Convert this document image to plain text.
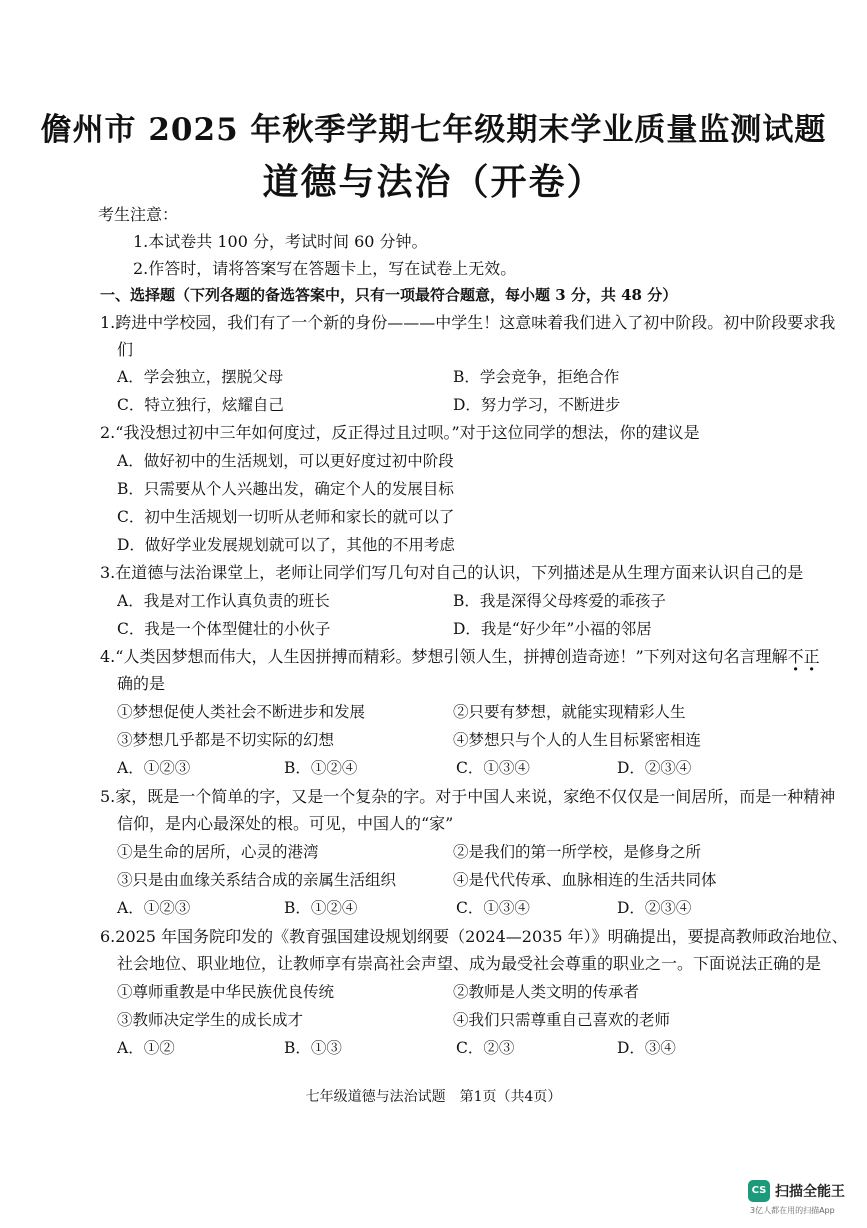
儋州市 2025 年秋季学期七年级期末学业质量监测试题
道德与法治（开卷）
考生注意：
1.本试卷共 100 分，考试时间 60 分钟。
2.作答时，请将答案写在答题卡上，写在试卷上无效。
一、选择题（下列各题的备选答案中，只有一项最符合题意，每小题 3 分，共 48 分）
1.跨进中学校园，我们有了一个新的身份———中学生！这意味着我们进入了初中阶段。初中阶段要求我
们
A．学会独立，摆脱父母	B．学会竞争，拒绝合作
C．特立独行，炫耀自己	D．努力学习，不断进步
2.“我没想过初中三年如何度过，反正得过且过呗。”对于这位同学的想法，你的建议是
A．做好初中的生活规划，可以更好度过初中阶段
B．只需要从个人兴趣出发，确定个人的发展目标
C．初中生活规划一切听从老师和家长的就可以了
D．做好学业发展规划就可以了，其他的不用考虑
3.在道德与法治课堂上，老师让同学们写几句对自己的认识，下列描述是从生理方面来认识自己的是
A．我是对工作认真负责的班长	B．我是深得父母疼爱的乖孩子
C．我是一个体型健壮的小伙子	D．我是“好少年”小福的邻居
4.“人类因梦想而伟大，人生因拼搏而精彩。梦想引领人生，拼搏创造奇迹！”下列对这句名言理解不正
确的是
①梦想促使人类社会不断进步和发展	②只要有梦想，就能实现精彩人生
③梦想几乎都是不切实际的幻想	④梦想只与个人的人生目标紧密相连
A．①②③	B．①②④	C．①③④	D．②③④
5.家，既是一个简单的字，又是一个复杂的字。对于中国人来说，家绝不仅仅是一间居所，而是一种精神
信仰，是内心最深处的根。可见，中国人的“家”
①是生命的居所，心灵的港湾	②是我们的第一所学校，是修身之所
③只是由血缘关系结合成的亲属生活组织	④是代代传承、血脉相连的生活共同体
A．①②③	B．①②④	C．①③④	D．②③④
6.2025 年国务院印发的《教育强国建设规划纲要（2024—2035 年）》明确提出，要提高教师政治地位、
社会地位、职业地位，让教师享有崇高社会声望、成为最受社会尊重的职业之一。下面说法正确的是
①尊师重教是中华民族优良传统	②教师是人类文明的传承者
③教师决定学生的成长成才	④我们只需尊重自己喜欢的老师
A．①②	B．①③	C．②③	D．③④
七年级道德与法治试题　第1页（共4页）
CS 扫描全能王
3亿人都在用的扫描App
